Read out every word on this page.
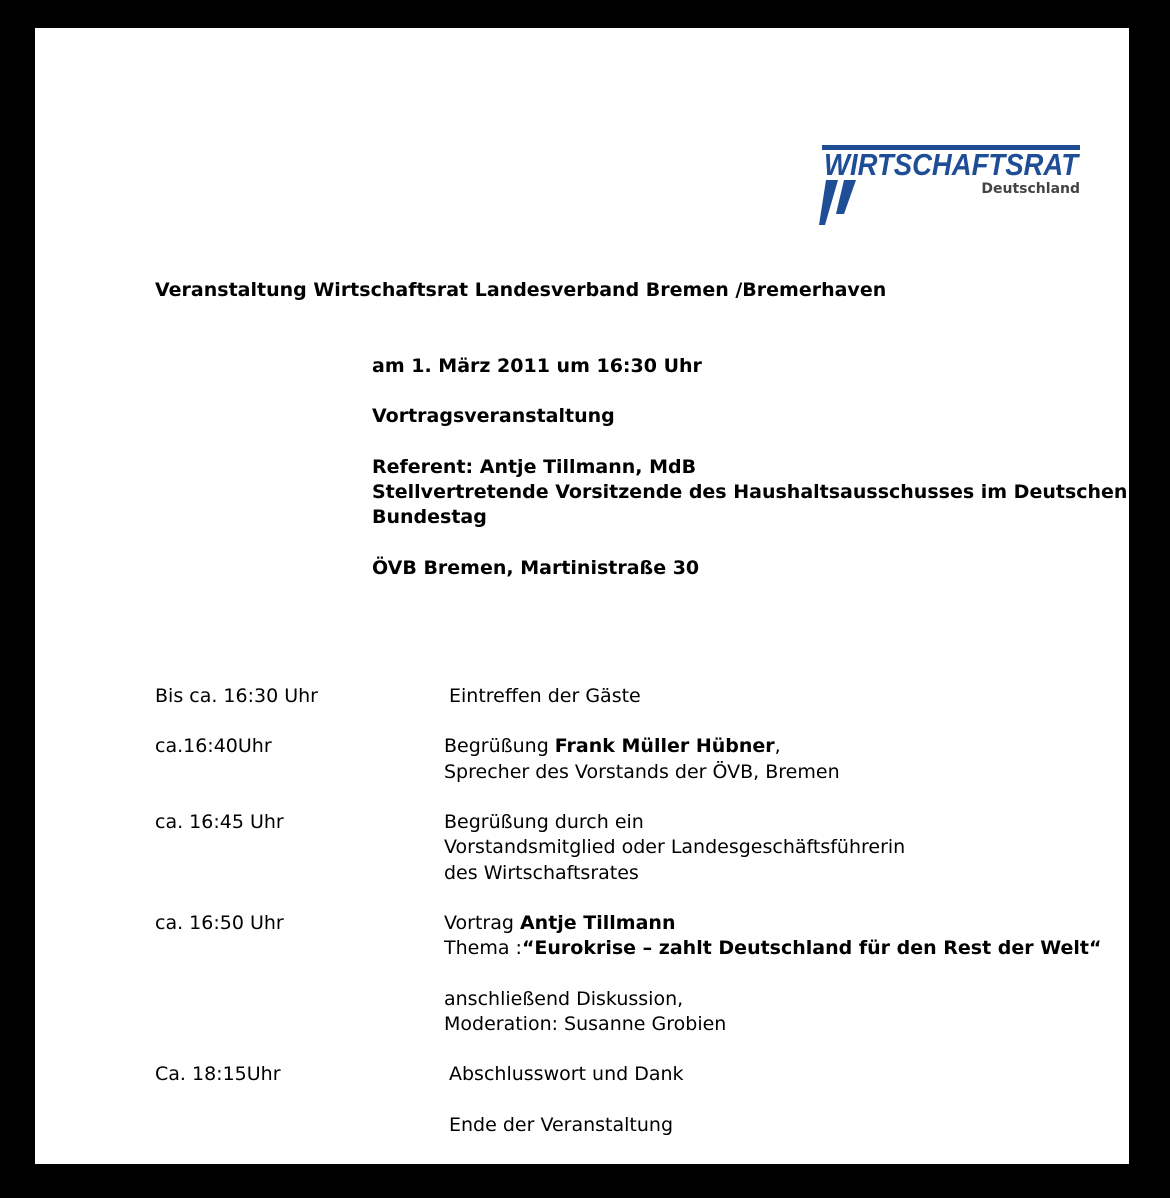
WIRTSCHAFTSRAT
Deutschland
Veranstaltung Wirtschaftsrat Landesverband Bremen /Bremerhaven
am 1. März 2011 um 16:30 Uhr
Vortragsveranstaltung
Referent: Antje Tillmann, MdB
Stellvertretende Vorsitzende des Haushaltsausschusses im Deutschen
Bundestag
ÖVB Bremen, Martinistraße 30
Bis ca. 16:30 Uhr	Eintreffen der Gäste
ca.16:40Uhr	Begrüßung Frank Müller Hübner,
Sprecher des Vorstands der ÖVB, Bremen
ca. 16:45 Uhr	Begrüßung durch ein
Vorstandsmitglied oder Landesgeschäftsführerin
des Wirtschaftsrates
ca. 16:50 Uhr	Vortrag Antje Tillmann
Thema :“Eurokrise – zahlt Deutschland für den Rest der Welt“
anschließend Diskussion,
Moderation: Susanne Grobien
Ca. 18:15Uhr	Abschlusswort und Dank
Ende der Veranstaltung
